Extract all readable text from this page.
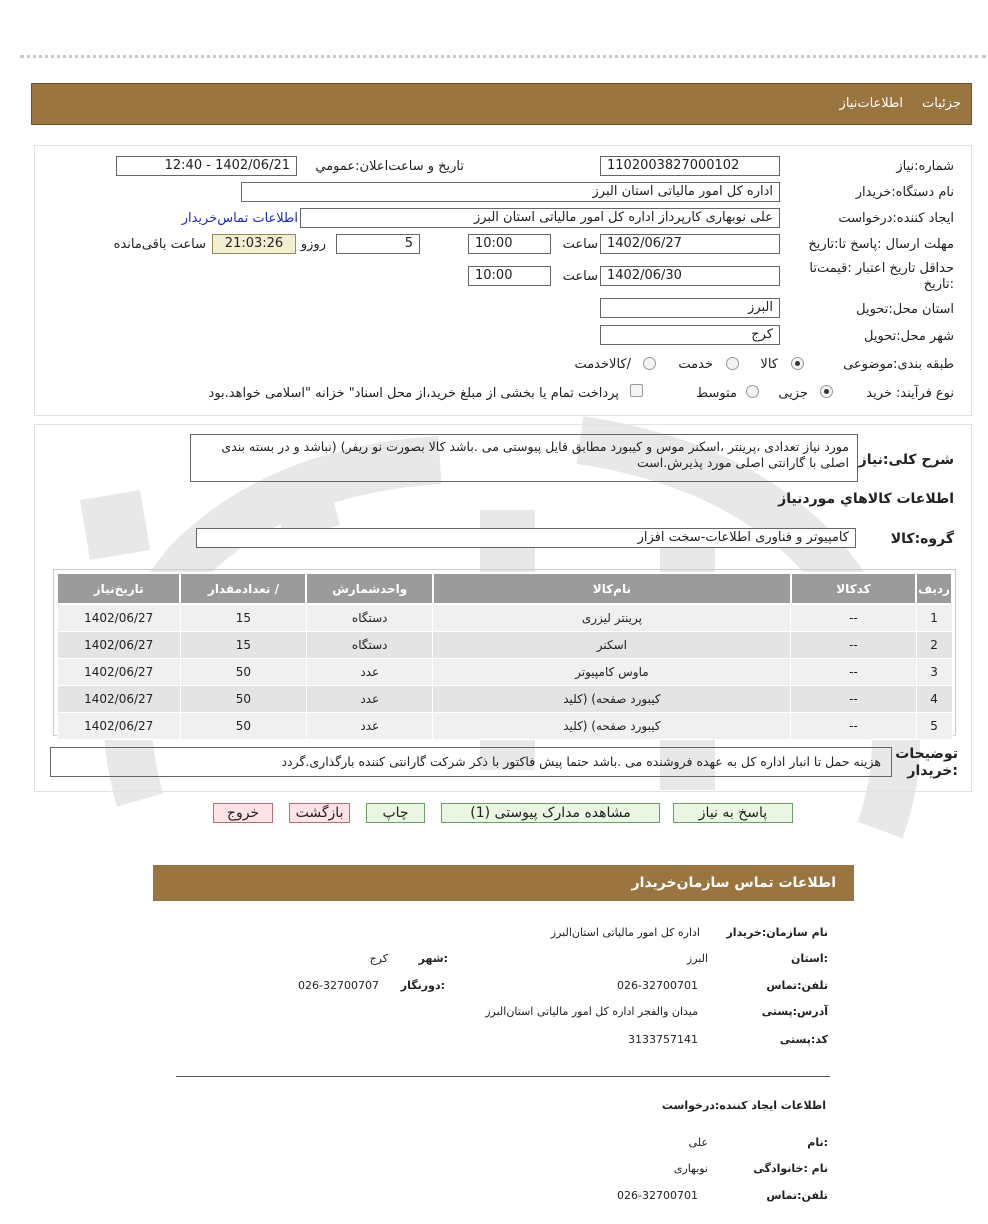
جزئیات
اطلاعات‌نیاز
شماره:نیاز
1102003827000102
تاریخ و ساعت‌اعلان:عمومي
1402/06/21 - 12:40
نام دستگاه:خریدار
اداره کل امور مالیاتی استان البرز
ایجاد کننده:درخواست
علی نوبهاری کارپرداز اداره کل امور مالیاتی استان البرز
اطلاعات تماس‌خریدار
مهلت ارسال :پاسخ تا:تاریخ
1402/06/27
ساعت
10:00
5
روزو
21:03:26
ساعت باقی‌مانده
حداقل تاریخ اعتبار :قیمت‌تا :تاریخ
1402/06/30
ساعت
10:00
استان محل:تحویل
البرز
شهر محل:تحویل
کرج
طبقه بندی:موضوعی
کالا
خدمت
/کالاخدمت
نوع فرآیند: خرید
جزیی
متوسط
پرداخت تمام یا بخشی از مبلغ خرید،از محل اسناد" خزانه "اسلامی خواهد.بود
شرح کلی:نیاز
مورد نیاز تعدادی ،پرینتر ،اسکنر موس و کیبورد مطابق فایل پیوستی می .باشد کالا بصورت نو ریفر) (نباشد و در بسته بندی اصلی با گارانتی اصلی مورد پذیرش.است
اطلاعات کالاهاي مورد‌نیاز
گروه:کالا
کامپیوتر و فناوری اطلاعات-سخت افزار
ردیف	کدکالا	نام‌کالا	واحدشمارش	/ تعدادمقدار	تاریخ‌نیاز
1	--	پرینتر لیزری	دستگاه	15	1402/06/27
2	--	اسکنر	دستگاه	15	1402/06/27
3	--	ماوس کامپیوتر	عدد	50	1402/06/27
4	--	کیبورد صفحه) (کلید	عدد	50	1402/06/27
5	--	کیبورد صفحه) (کلید	عدد	50	1402/06/27
توضیحات :خریدار
هزینه حمل تا انبار اداره کل به عهده فروشنده می .باشد حتما پیش فاکتور با ذکر شرکت گارانتی کننده بارگذاری.گردد
پاسخ به نیاز
مشاهده مدارک پیوستی (1)
چاپ
بازگشت
خروج
اطلاعات تماس سازمان‌خریدار
نام سازمان:خریدار
اداره کل امور مالیاتی استان‌البرز
:استان
البرز
:شهر
کرج
تلفن:تماس
026-32700701
:دورنگار
026-32700707
آدرس:پستی
میدان والفجر اداره کل امور مالیاتی استان‌البرز
کد:پستی
3133757141
اطلاعات ایجاد کننده:درخواست
:نام
علی
نام :خانوادگی
نوبهاری
تلفن:تماس
026-32700701
